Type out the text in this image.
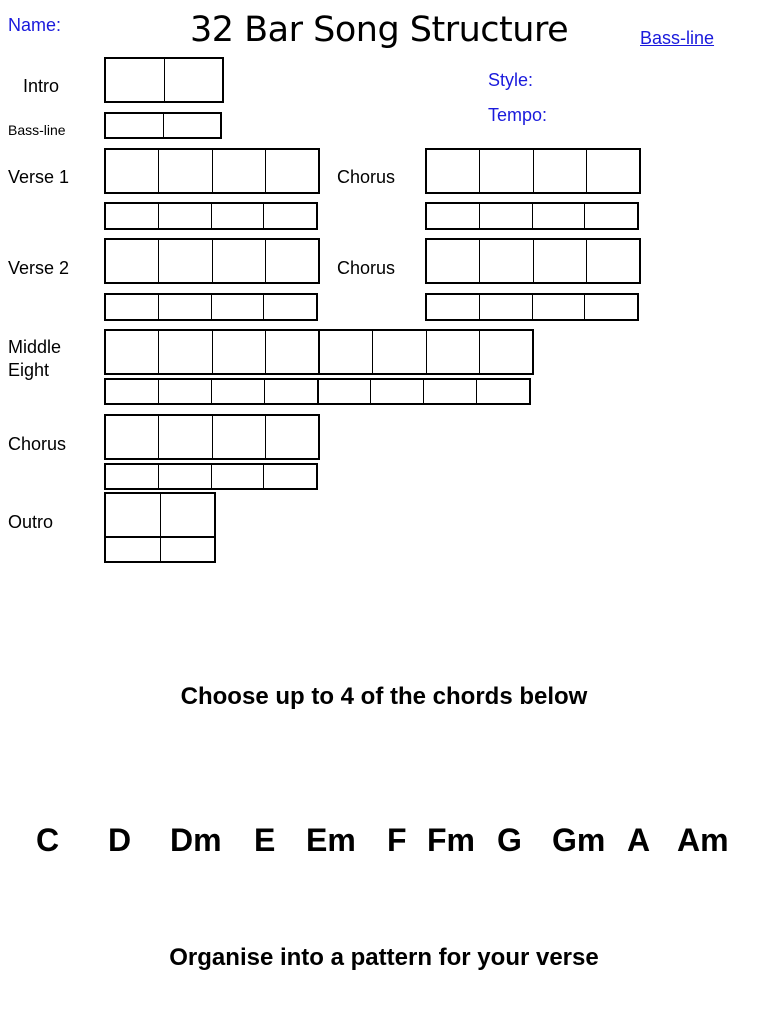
Name:	32 Bar Song Structure	Bass-line
Style:
Tempo:
Intro
Bass-line
Verse 1	Chorus
Verse 2	Chorus
Middle
Eight
Chorus
Outro
Choose up to 4 of the chords below
C D Dm E Em F Fm G Gm A Am
Organise into a pattern for your verse
